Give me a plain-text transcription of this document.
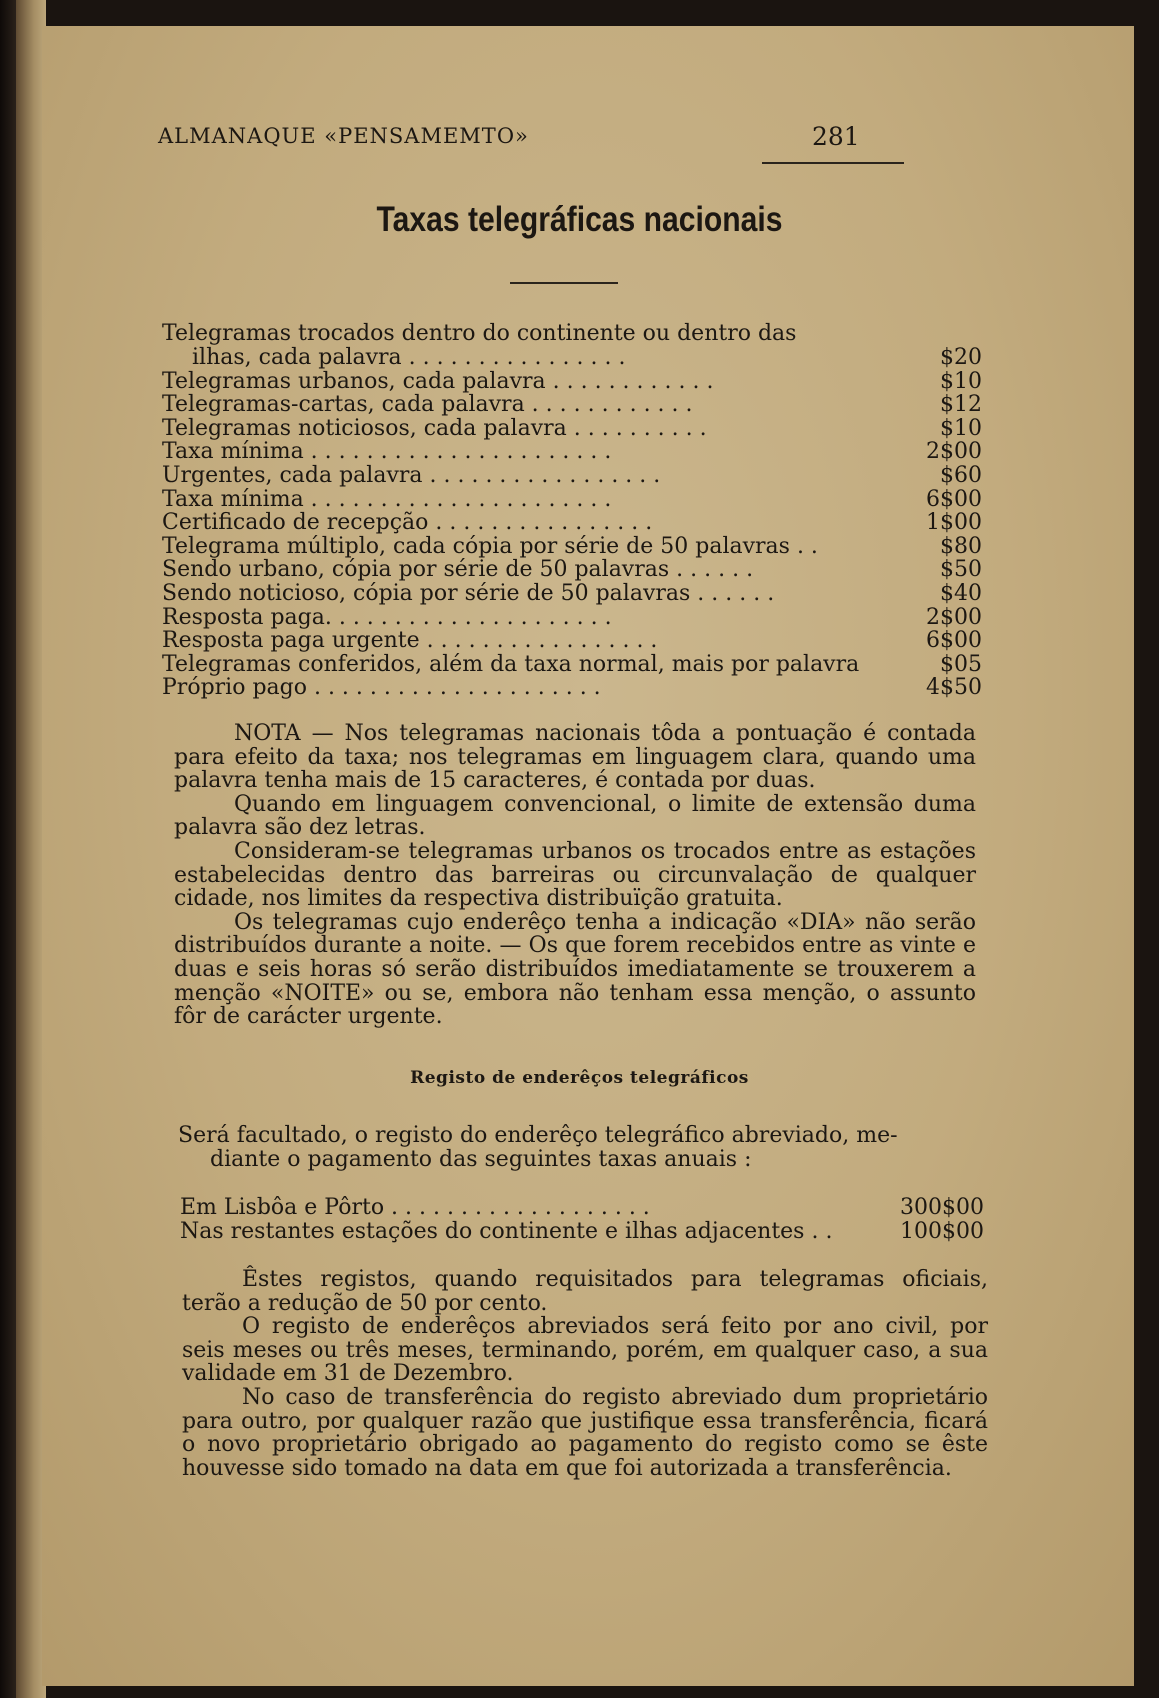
ALMANAQUE «PENSAMEMTO»	281
Taxas telegráficas nacionais
Telegramas trocados dentro do continente ou dentro das
ilhas, cada palavra . . . . . . . . . . . . . . . .	$20
Telegramas urbanos, cada palavra . . . . . . . . . . . .	$10
Telegramas-cartas, cada palavra . . . . . . . . . . . .	$12
Telegramas noticiosos, cada palavra . . . . . . . . . .	$10
Taxa mínima . . . . . . . . . . . . . . . . . . . . . .	2$00
Urgentes, cada palavra . . . . . . . . . . . . . . . . .	$60
Taxa mínima . . . . . . . . . . . . . . . . . . . . . .	6$00
Certificado de recepção . . . . . . . . . . . . . . . .	1$00
Telegrama múltiplo, cada cópia por série de 50 palavras . .	$80
Sendo urbano, cópia por série de 50 palavras . . . . . .	$50
Sendo noticioso, cópia por série de 50 palavras . . . . . .	$40
Resposta paga. . . . . . . . . . . . . . . . . . . . .	2$00
Resposta paga urgente . . . . . . . . . . . . . . . . .	6$00
Telegramas conferidos, além da taxa normal, mais por palavra	$05
Próprio pago . . . . . . . . . . . . . . . . . . . . .	4$50

NOTA — Nos telegramas nacionais tôda a pontuação é contada para efeito da taxa; nos telegramas em linguagem clara, quando uma palavra tenha mais de 15 caracteres, é contada por duas.

Quando em linguagem convencional, o limite de extensão duma palavra são dez letras.

Consideram-se telegramas urbanos os trocados entre as estações estabelecidas dentro das barreiras ou circunvalação de qualquer cidade, nos limites da respectiva distribuïção gratuita.

Os telegramas cujo enderêço tenha a indicação «DIA» não serão distribuídos durante a noite. — Os que forem recebidos entre as vinte e duas e seis horas só serão distribuídos imediatamente se trouxerem a menção «NOITE» ou se, embora não tenham essa menção, o assunto fôr de carácter urgente.

Registo de enderêços telegráficos
Será facultado, o registo do enderêço telegráfico abreviado, me-
diante o pagamento das seguintes taxas anuais :
Em Lisbôa e Pôrto . . . . . . . . . . . . . . . . . . .	300$00
Nas restantes estações do continente e ilhas adjacentes . .	100$00

Êstes registos, quando requisitados para telegramas oficiais, terão a redução de 50 por cento.

O registo de enderêços abreviados será feito por ano civil, por seis meses ou três meses, terminando, porém, em qualquer caso, a sua validade em 31 de Dezembro.

No caso de transferência do registo abreviado dum proprietário para outro, por qualquer razão que justifique essa transferência, ficará o novo proprietário obrigado ao pagamento do registo como se êste houvesse sido tomado na data em que foi autorizada a transferência.
